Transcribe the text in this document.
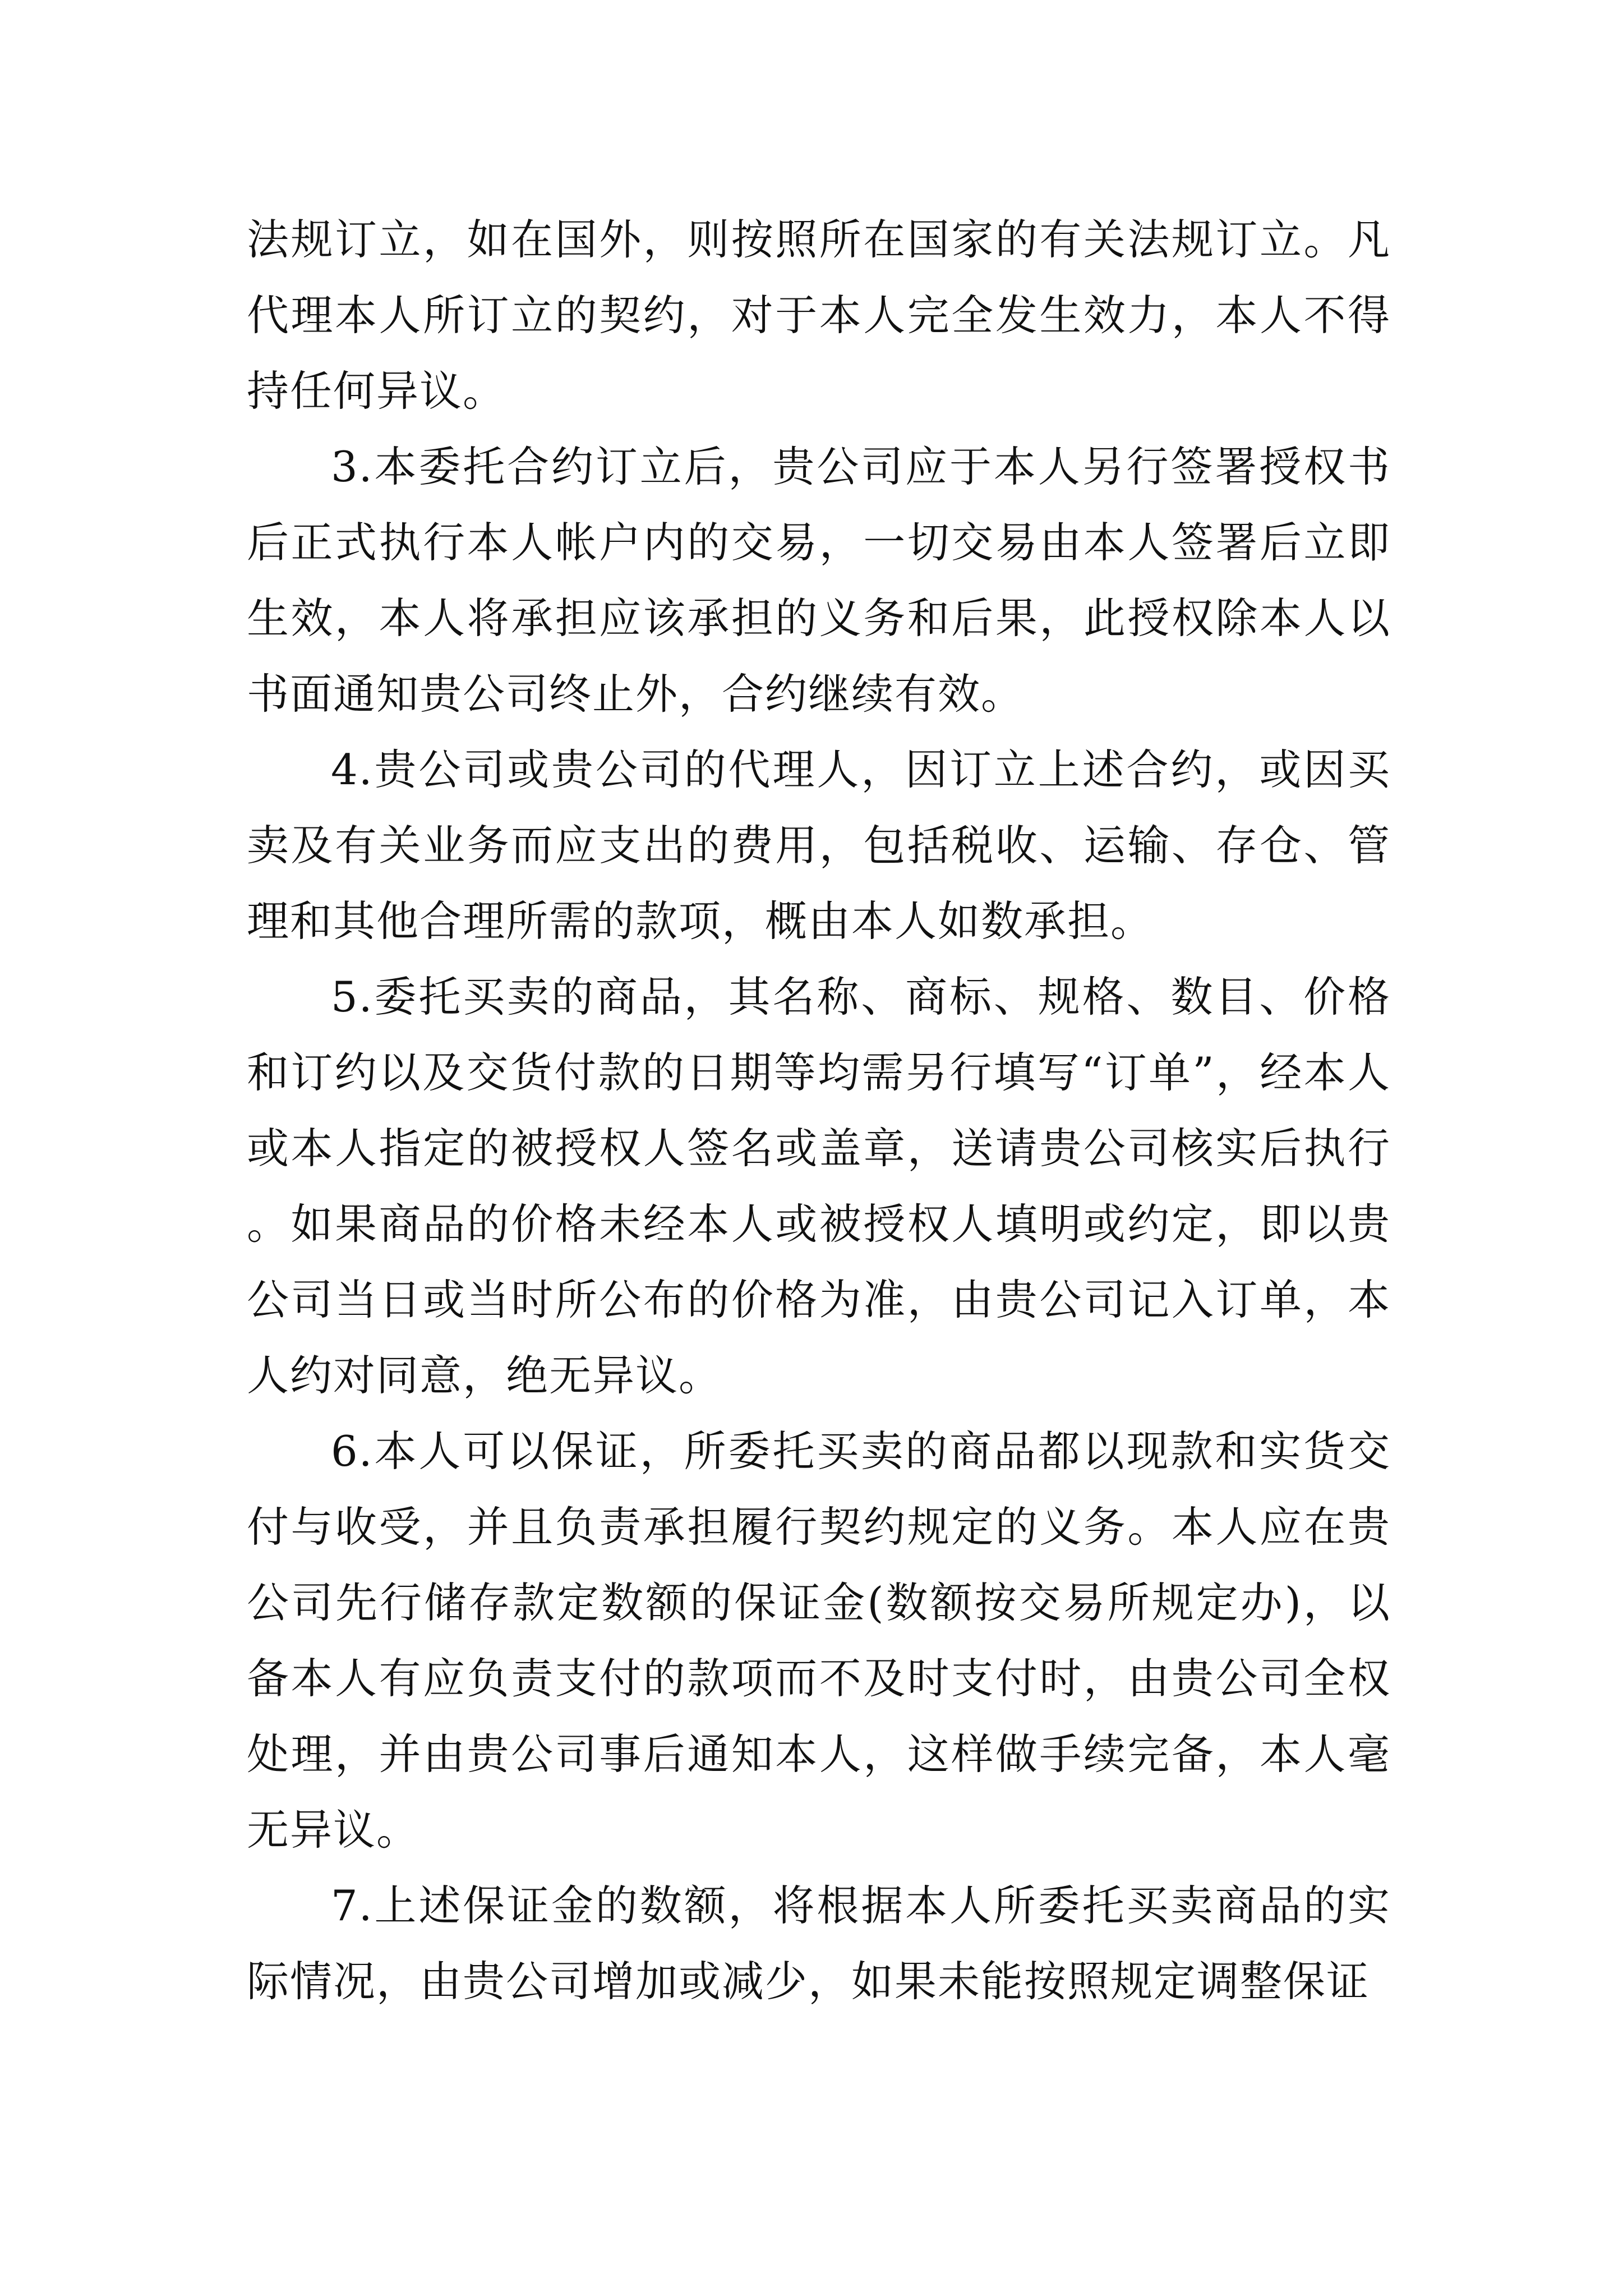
法规订立，如在国外，则按照所在国家的有关法规订立。凡代理本人所订立的契约，对于本人完全发生效力，本人不得持任何异议。

3.本委托合约订立后，贵公司应于本人另行签署授权书后正式执行本人帐户内的交易，一切交易由本人签署后立即生效，本人将承担应该承担的义务和后果，此授权除本人以书面通知贵公司终止外，合约继续有效。

4.贵公司或贵公司的代理人，因订立上述合约，或因买卖及有关业务而应支出的费用，包括税收、运输、存仓、管理和其他合理所需的款项，概由本人如数承担。

5.委托买卖的商品，其名称、商标、规格、数目、价格和订约以及交货付款的日期等均需另行填写“订单”，经本人或本人指定的被授权人签名或盖章，送请贵公司核实后执行。如果商品的价格未经本人或被授权人填明或约定，即以贵公司当日或当时所公布的价格为准，由贵公司记入订单，本人约对同意，绝无异议。

6.本人可以保证，所委托买卖的商品都以现款和实货交付与收受，并且负责承担履行契约规定的义务。本人应在贵公司先行储存款定数额的保证金(数额按交易所规定办)，以备本人有应负责支付的款项而不及时支付时，由贵公司全权处理，并由贵公司事后通知本人，这样做手续完备，本人毫无异议。

7.上述保证金的数额，将根据本人所委托买卖商品的实际情况，由贵公司增加或减少，如果未能按照规定调整保证
